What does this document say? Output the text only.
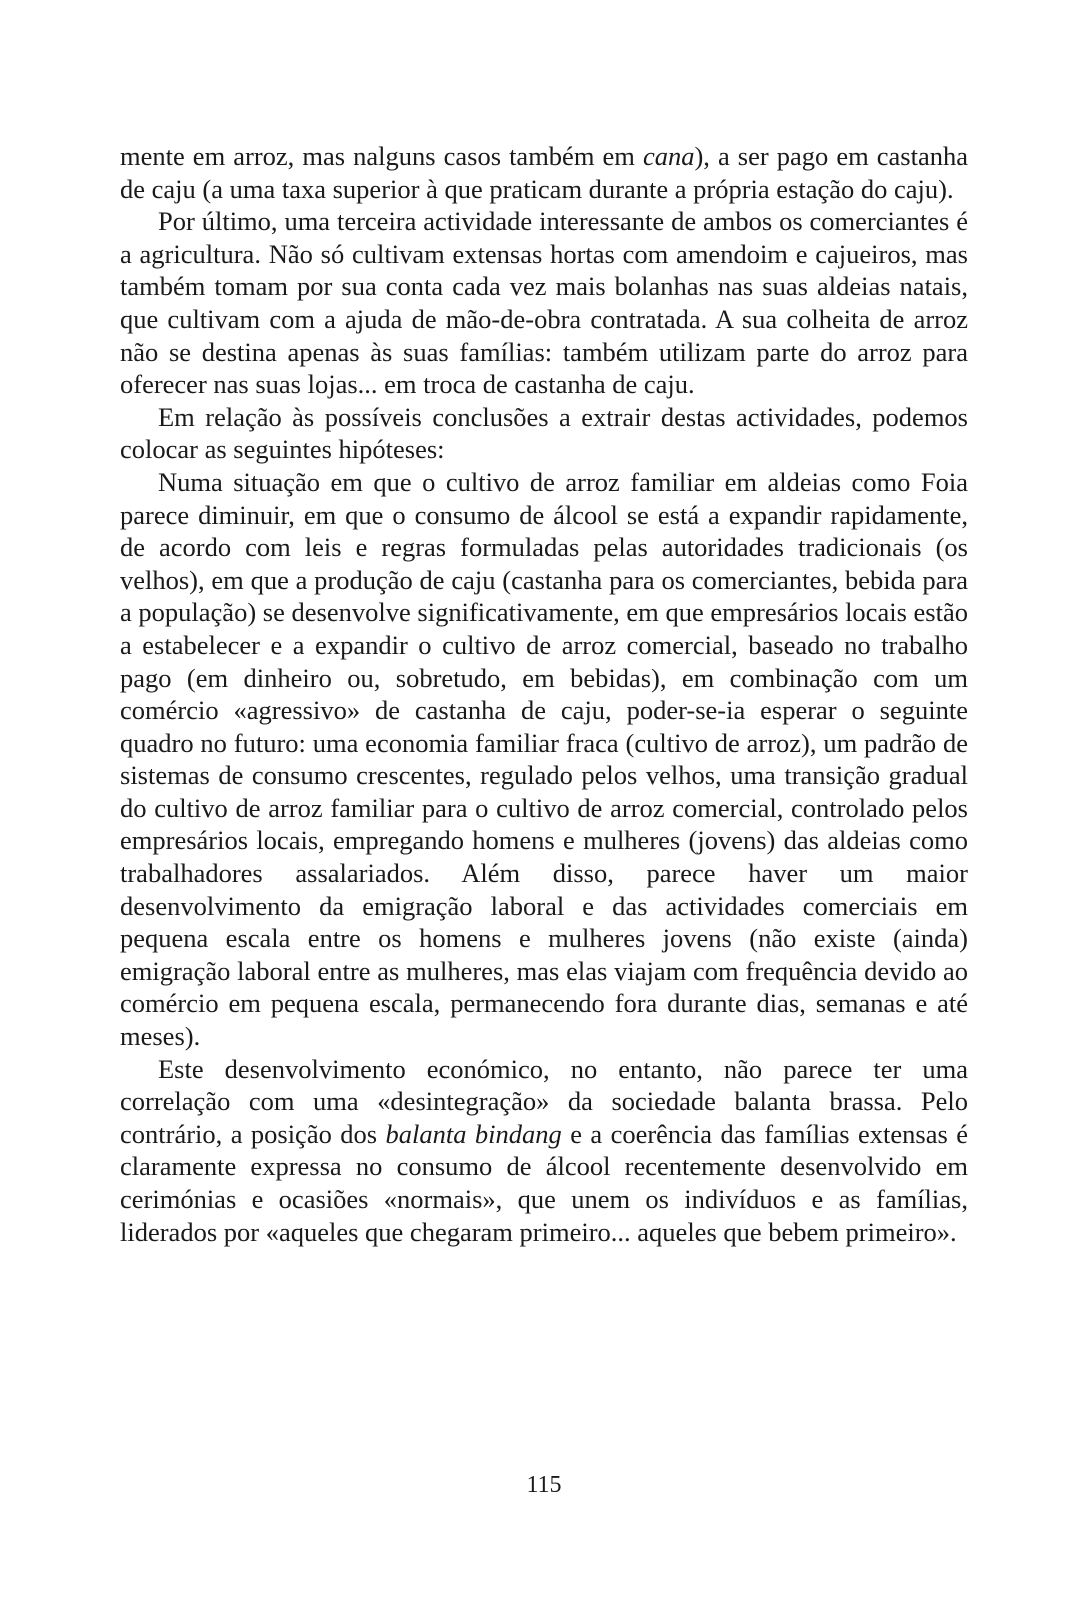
mente em arroz, mas nalguns casos também em cana), a ser pago em castanha de caju (a uma taxa superior à que praticam durante a própria estação do caju).

Por último, uma terceira actividade interessante de ambos os comerciantes é a agricultura. Não só cultivam extensas hortas com amendoim e cajueiros, mas também tomam por sua conta cada vez mais bolanhas nas suas aldeias natais, que cultivam com a ajuda de mão-de-obra contratada. A sua colheita de arroz não se destina apenas às suas famílias: também utilizam parte do arroz para oferecer nas suas lojas... em troca de castanha de caju.

Em relação às possíveis conclusões a extrair destas actividades, podemos colocar as seguintes hipóteses:

Numa situação em que o cultivo de arroz familiar em aldeias como Foia parece diminuir, em que o consumo de álcool se está a expandir rapidamente, de acordo com leis e regras formuladas pelas autoridades tradicionais (os velhos), em que a produção de caju (castanha para os comerciantes, bebida para a população) se desenvolve significativamente, em que empresários locais estão a estabelecer e a expandir o cultivo de arroz comercial, baseado no trabalho pago (em dinheiro ou, sobretudo, em bebidas), em combinação com um comércio «agressivo» de castanha de caju, poder-se-ia esperar o seguinte quadro no futuro: uma economia familiar fraca (cultivo de arroz), um padrão de sistemas de consumo crescentes, regulado pelos velhos, uma transição gradual do cultivo de arroz familiar para o cultivo de arroz comercial, controlado pelos empresários locais, empregando homens e mulheres (jovens) das aldeias como trabalhadores assalariados. Além disso, parece haver um maior desenvolvimento da emigração laboral e das actividades comerciais em pequena escala entre os homens e mulheres jovens (não existe (ainda) emigração laboral entre as mulheres, mas elas viajam com frequência devido ao comércio em pequena escala, permanecendo fora durante dias, semanas e até meses).

Este desenvolvimento económico, no entanto, não parece ter uma correlação com uma «desintegração» da sociedade balanta brassa. Pelo contrário, a posição dos balanta bindang e a coerência das famílias extensas é claramente expressa no consumo de álcool recentemente desenvolvido em cerimónias e ocasiões «normais», que unem os indivíduos e as famílias, liderados por «aqueles que chegaram primeiro... aqueles que bebem primeiro».

115
